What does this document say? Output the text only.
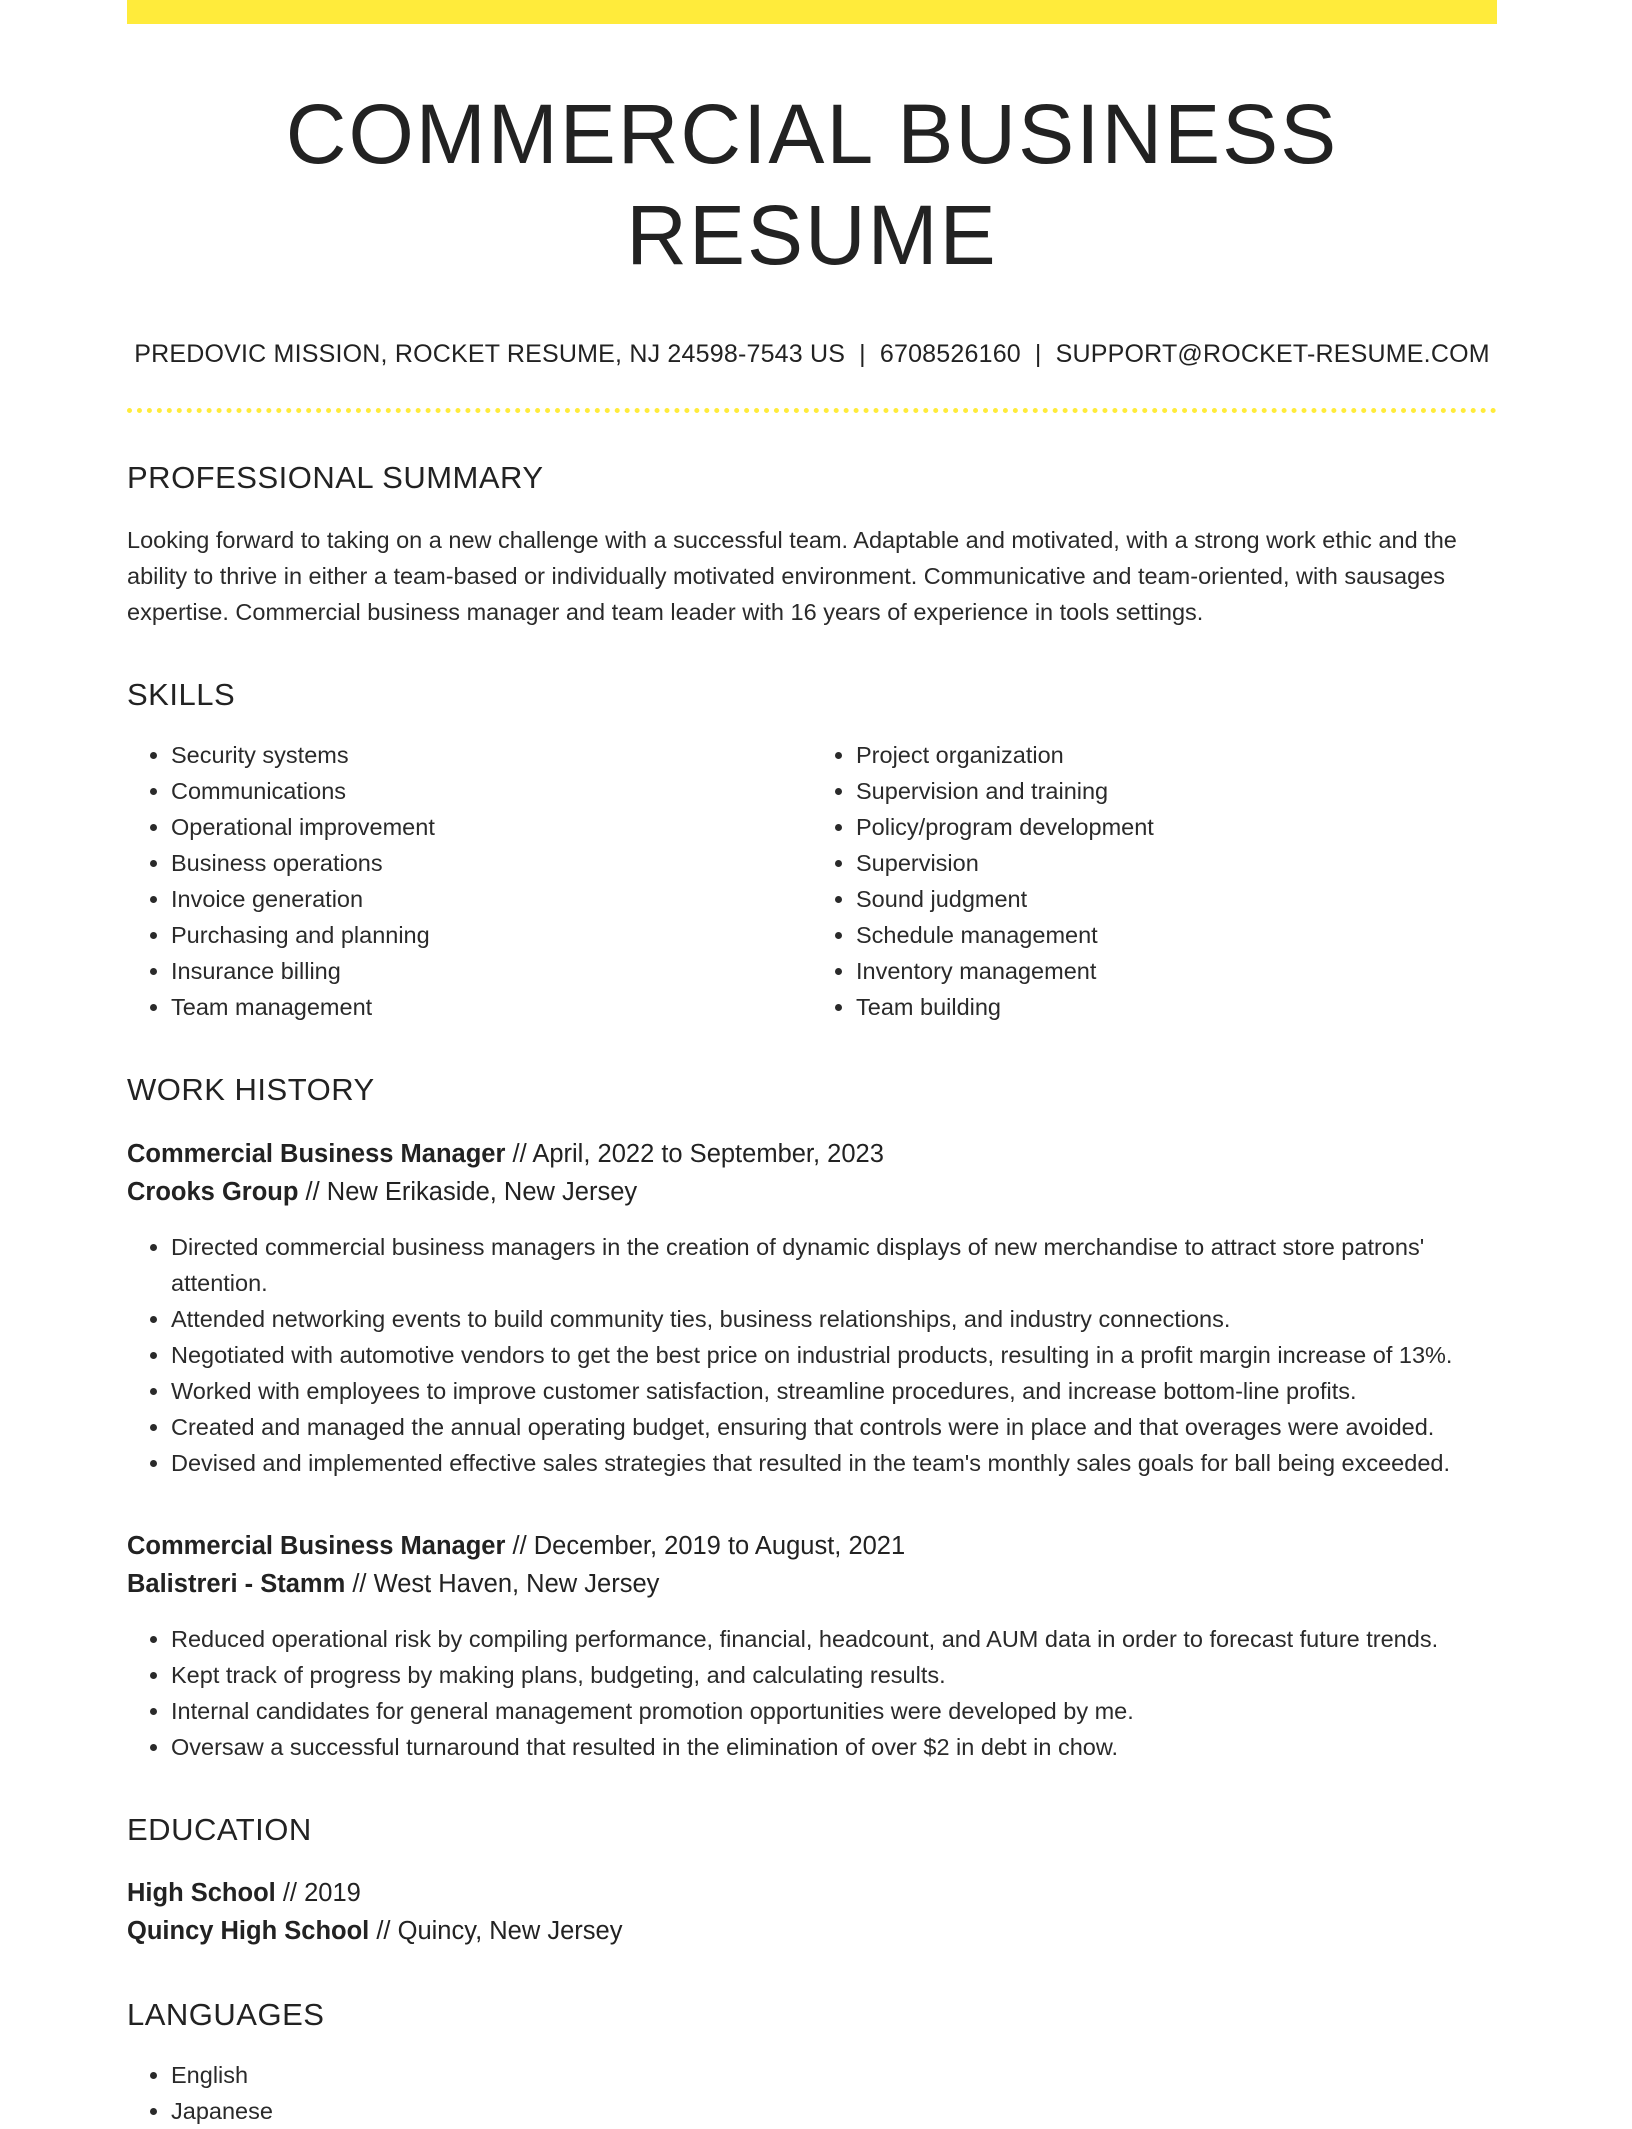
COMMERCIAL BUSINESS RESUME
PREDOVIC MISSION, ROCKET RESUME, NJ 24598-7543 US | 6708526160 | SUPPORT@ROCKET-RESUME.COM
PROFESSIONAL SUMMARY

Looking forward to taking on a new challenge with a successful team. Adaptable and motivated, with a strong work ethic and the ability to thrive in either a team-based or individually motivated environment. Communicative and team-oriented, with sausages expertise. Commercial business manager and team leader with 16 years of experience in tools settings.

SKILLS
• Security systems
• Communications
• Operational improvement
• Business operations
• Invoice generation
• Purchasing and planning
• Insurance billing
• Team management
• Project organization
• Supervision and training
• Policy/program development
• Supervision
• Sound judgment
• Schedule management
• Inventory management
• Team building
WORK HISTORY
Commercial Business Manager // April, 2022 to September, 2023
Crooks Group // New Erikaside, New Jersey
• Directed commercial business managers in the creation of dynamic displays of new merchandise to attract store patrons' attention.
• Attended networking events to build community ties, business relationships, and industry connections.
• Negotiated with automotive vendors to get the best price on industrial products, resulting in a profit margin increase of 13%.
• Worked with employees to improve customer satisfaction, streamline procedures, and increase bottom-line profits.
• Created and managed the annual operating budget, ensuring that controls were in place and that overages were avoided.
• Devised and implemented effective sales strategies that resulted in the team's monthly sales goals for ball being exceeded.
Commercial Business Manager // December, 2019 to August, 2021
Balistreri - Stamm // West Haven, New Jersey
• Reduced operational risk by compiling performance, financial, headcount, and AUM data in order to forecast future trends.
• Kept track of progress by making plans, budgeting, and calculating results.
• Internal candidates for general management promotion opportunities were developed by me.
• Oversaw a successful turnaround that resulted in the elimination of over $2 in debt in chow.
EDUCATION
High School // 2019
Quincy High School // Quincy, New Jersey
LANGUAGES
• English
• Japanese
